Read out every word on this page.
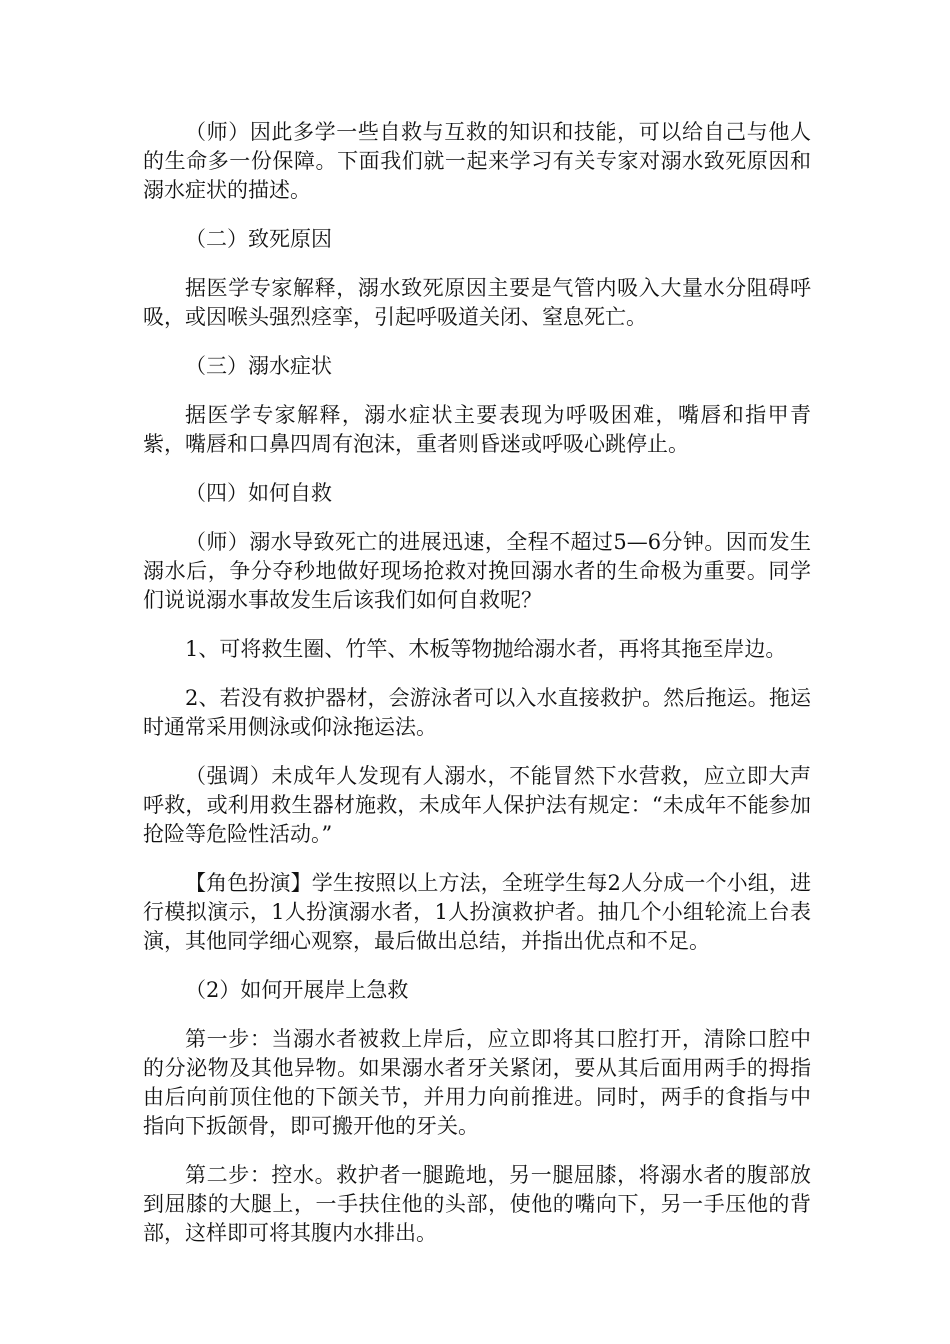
（师）因此多学一些自救与互救的知识和技能，可以给自己与他人的生命多一份保障。下面我们就一起来学习有关专家对溺水致死原因和溺水症状的描述。

（二）致死原因

据医学专家解释，溺水致死原因主要是气管内吸入大量水分阻碍呼吸，或因喉头强烈痉挛，引起呼吸道关闭、窒息死亡。

（三）溺水症状

据医学专家解释，溺水症状主要表现为呼吸困难，嘴唇和指甲青紫，嘴唇和口鼻四周有泡沫，重者则昏迷或呼吸心跳停止。

（四）如何自救

（师）溺水导致死亡的进展迅速，全程不超过5—6分钟。因而发生溺水后，争分夺秒地做好现场抢救对挽回溺水者的生命极为重要。同学们说说溺水事故发生后该我们如何自救呢？

1、可将救生圈、竹竿、木板等物抛给溺水者，再将其拖至岸边。

2、若没有救护器材，会游泳者可以入水直接救护。然后拖运。拖运时通常采用侧泳或仰泳拖运法。

（强调）未成年人发现有人溺水，不能冒然下水营救，应立即大声呼救，或利用救生器材施救，未成年人保护法有规定：“未成年不能参加抢险等危险性活动。”

【角色扮演】学生按照以上方法，全班学生每2人分成一个小组，进行模拟演示，1人扮演溺水者，1人扮演救护者。抽几个小组轮流上台表演，其他同学细心观察，最后做出总结，并指出优点和不足。

（2）如何开展岸上急救

第一步：当溺水者被救上岸后，应立即将其口腔打开，清除口腔中的分泌物及其他异物。如果溺水者牙关紧闭，要从其后面用两手的拇指由后向前顶住他的下颌关节，并用力向前推进。同时，两手的食指与中指向下扳颌骨，即可搬开他的牙关。

第二步：控水。救护者一腿跪地，另一腿屈膝，将溺水者的腹部放到屈膝的大腿上，一手扶住他的头部，使他的嘴向下，另一手压他的背部，这样即可将其腹内水排出。
